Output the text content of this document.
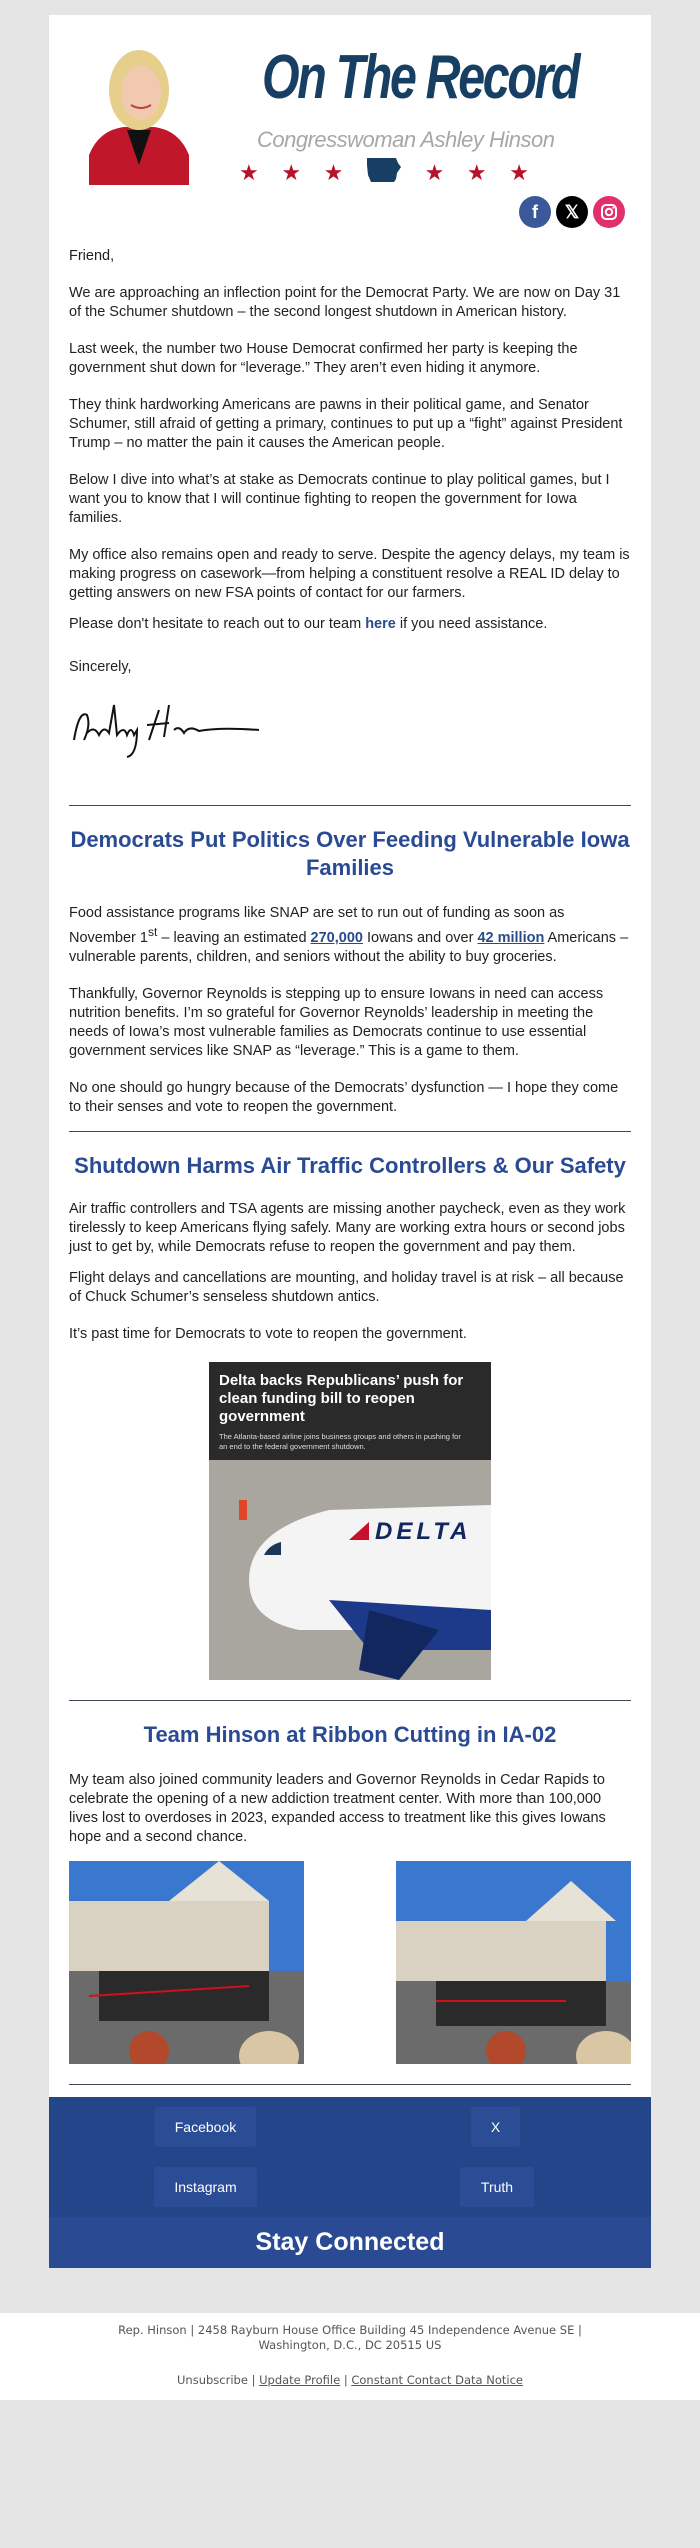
On The Record
Congresswoman Ashley Hinson
★ ★ ★	★ ★ ★
f	𝕏

Friend,

We are approaching an inflection point for the Democrat Party. We are now on Day 31 of the Schumer shutdown – the second longest shutdown in American history.

Last week, the number two House Democrat confirmed her party is keeping the government shut down for “leverage.” They aren’t even hiding it anymore.

They think hardworking Americans are pawns in their political game, and Senator Schumer, still afraid of getting a primary, continues to put up a “fight” against President Trump – no matter the pain it causes the American people.

Below I dive into what’s at stake as Democrats continue to play political games, but I want you to know that I will continue fighting to reopen the government for Iowa families.

My office also remains open and ready to serve. Despite the agency delays, my team is making progress on casework—from helping a constituent resolve a REAL ID delay to getting answers on new FSA points of contact for our farmers.

Please don't hesitate to reach out to our team here if you need assistance.

Sincerely,

Democrats Put Politics Over Feeding Vulnerable Iowa Families

Food assistance programs like SNAP are set to run out of funding as soon as November 1st – leaving an estimated 270,000 Iowans and over 42 million Americans – vulnerable parents, children, and seniors without the ability to buy groceries.

Thankfully, Governor Reynolds is stepping up to ensure Iowans in need can access nutrition benefits. I’m so grateful for Governor Reynolds’ leadership in meeting the needs of Iowa’s most vulnerable families as Democrats continue to use essential government services like SNAP as “leverage.” This is a game to them.

No one should go hungry because of the Democrats’ dysfunction — I hope they come to their senses and vote to reopen the government.

Shutdown Harms Air Traffic Controllers & Our Safety

Air traffic controllers and TSA agents are missing another paycheck, even as they work tirelessly to keep Americans flying safely. Many are working extra hours or second jobs just to get by, while Democrats refuse to reopen the government and pay them.

Flight delays and cancellations are mounting, and holiday travel is at risk – all because of Chuck Schumer’s senseless shutdown antics.

It’s past time for Democrats to vote to reopen the government.

Delta backs Republicans’ push for clean funding bill to reopen government
The Atlanta-based airline joins business groups and others in pushing for an end to the federal government shutdown.
DELTA
Team Hinson at Ribbon Cutting in IA-02

My team also joined community leaders and Governor Reynolds in Cedar Rapids to celebrate the opening of a new addiction treatment center. With more than 100,000 lives lost to overdoses in 2023, expanded access to treatment like this gives Iowans hope and a second chance.

Facebook	X
Instagram	Truth
Stay Connected
Rep. Hinson | 2458 Rayburn House Office Building 45 Independence Avenue SE | Washington, D.C., DC 20515 US
Unsubscribe | Update Profile | Constant Contact Data Notice
